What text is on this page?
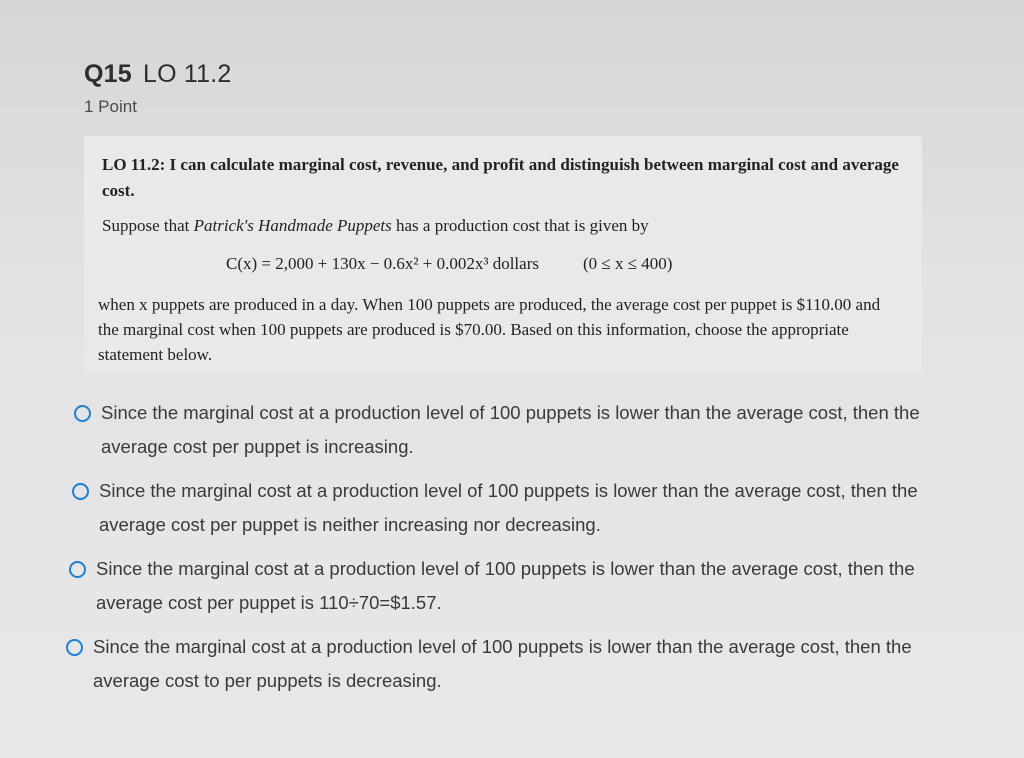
Q15 LO 11.2
1 Point
LO 11.2: I can calculate marginal cost, revenue, and profit and distinguish between marginal cost and average cost.
Suppose that Patrick's Handmade Puppets has a production cost that is given by
C(x) = 2,000 + 130x − 0.6x² + 0.002x³ dollars	(0 ≤ x ≤ 400)
when x puppets are produced in a day. When 100 puppets are produced, the average cost per puppet is $110.00 and the marginal cost when 100 puppets are produced is $70.00. Based on this information, choose the appropriate statement below.
Since the marginal cost at a production level of 100 puppets is lower than the average cost, then the average cost per puppet is increasing.
Since the marginal cost at a production level of 100 puppets is lower than the average cost, then the average cost per puppet is neither increasing nor decreasing.
Since the marginal cost at a production level of 100 puppets is lower than the average cost, then the average cost per puppet is 110÷70=$1.57.
Since the marginal cost at a production level of 100 puppets is lower than the average cost, then the average cost to per puppets is decreasing.
